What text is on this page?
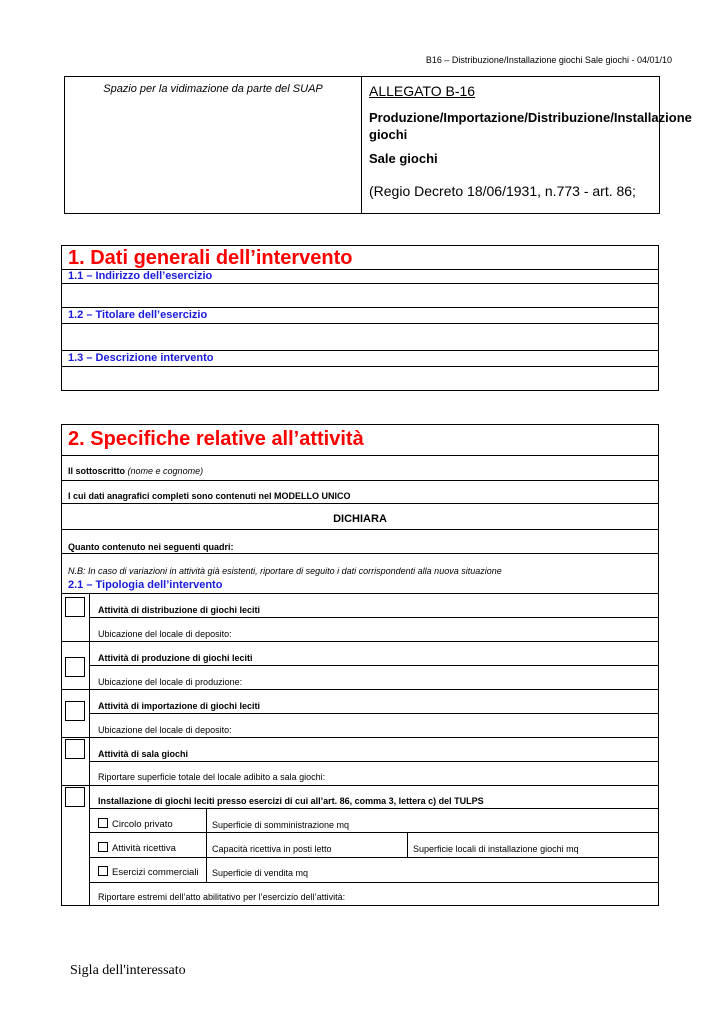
B16 – Distribuzione/Installazione giochi Sale giochi - 04/01/10
Spazio per la vidimazione da parte del SUAP	ALLEGATO B-16
Produzione/Importazione/Distribuzione/Installazione giochi
Sale giochi
(Regio Decreto 18/06/1931, n.773 - art. 86;
1. Dati generali dell’intervento
1.1 – Indirizzo dell’esercizio
1.2 – Titolare dell’esercizio
1.3 – Descrizione intervento
2. Specifiche relative all’attività
Il sottoscritto (nome e cognome)
I cui dati anagrafici completi sono contenuti nel MODELLO UNICO
DICHIARA
Quanto contenuto nei seguenti quadri:
N.B: In caso di variazioni in attività già esistenti, riportare di seguito i dati corrispondenti alla nuova situazione
2.1 – Tipologia dell’intervento
Attività di distribuzione di giochi leciti
Ubicazione del locale di deposito:
Attività di produzione di giochi leciti
Ubicazione del locale di produzione:
Attività di importazione di giochi leciti
Ubicazione del locale di deposito:
Attività di sala giochi
Riportare superficie totale del locale adibito a sala giochi:
Installazione di giochi leciti presso esercizi di cui all’art. 86, comma 3, lettera c) del TULPS
Circolo privato	Superficie di somministrazione mq
Attività ricettiva	Capacità ricettiva in posti letto	Superficie locali di installazione giochi mq
Esercizi commerciali Superficie di vendita mq
Riportare estremi dell’atto abilitativo per l’esercizio dell’attività:
Sigla dell'interessato
